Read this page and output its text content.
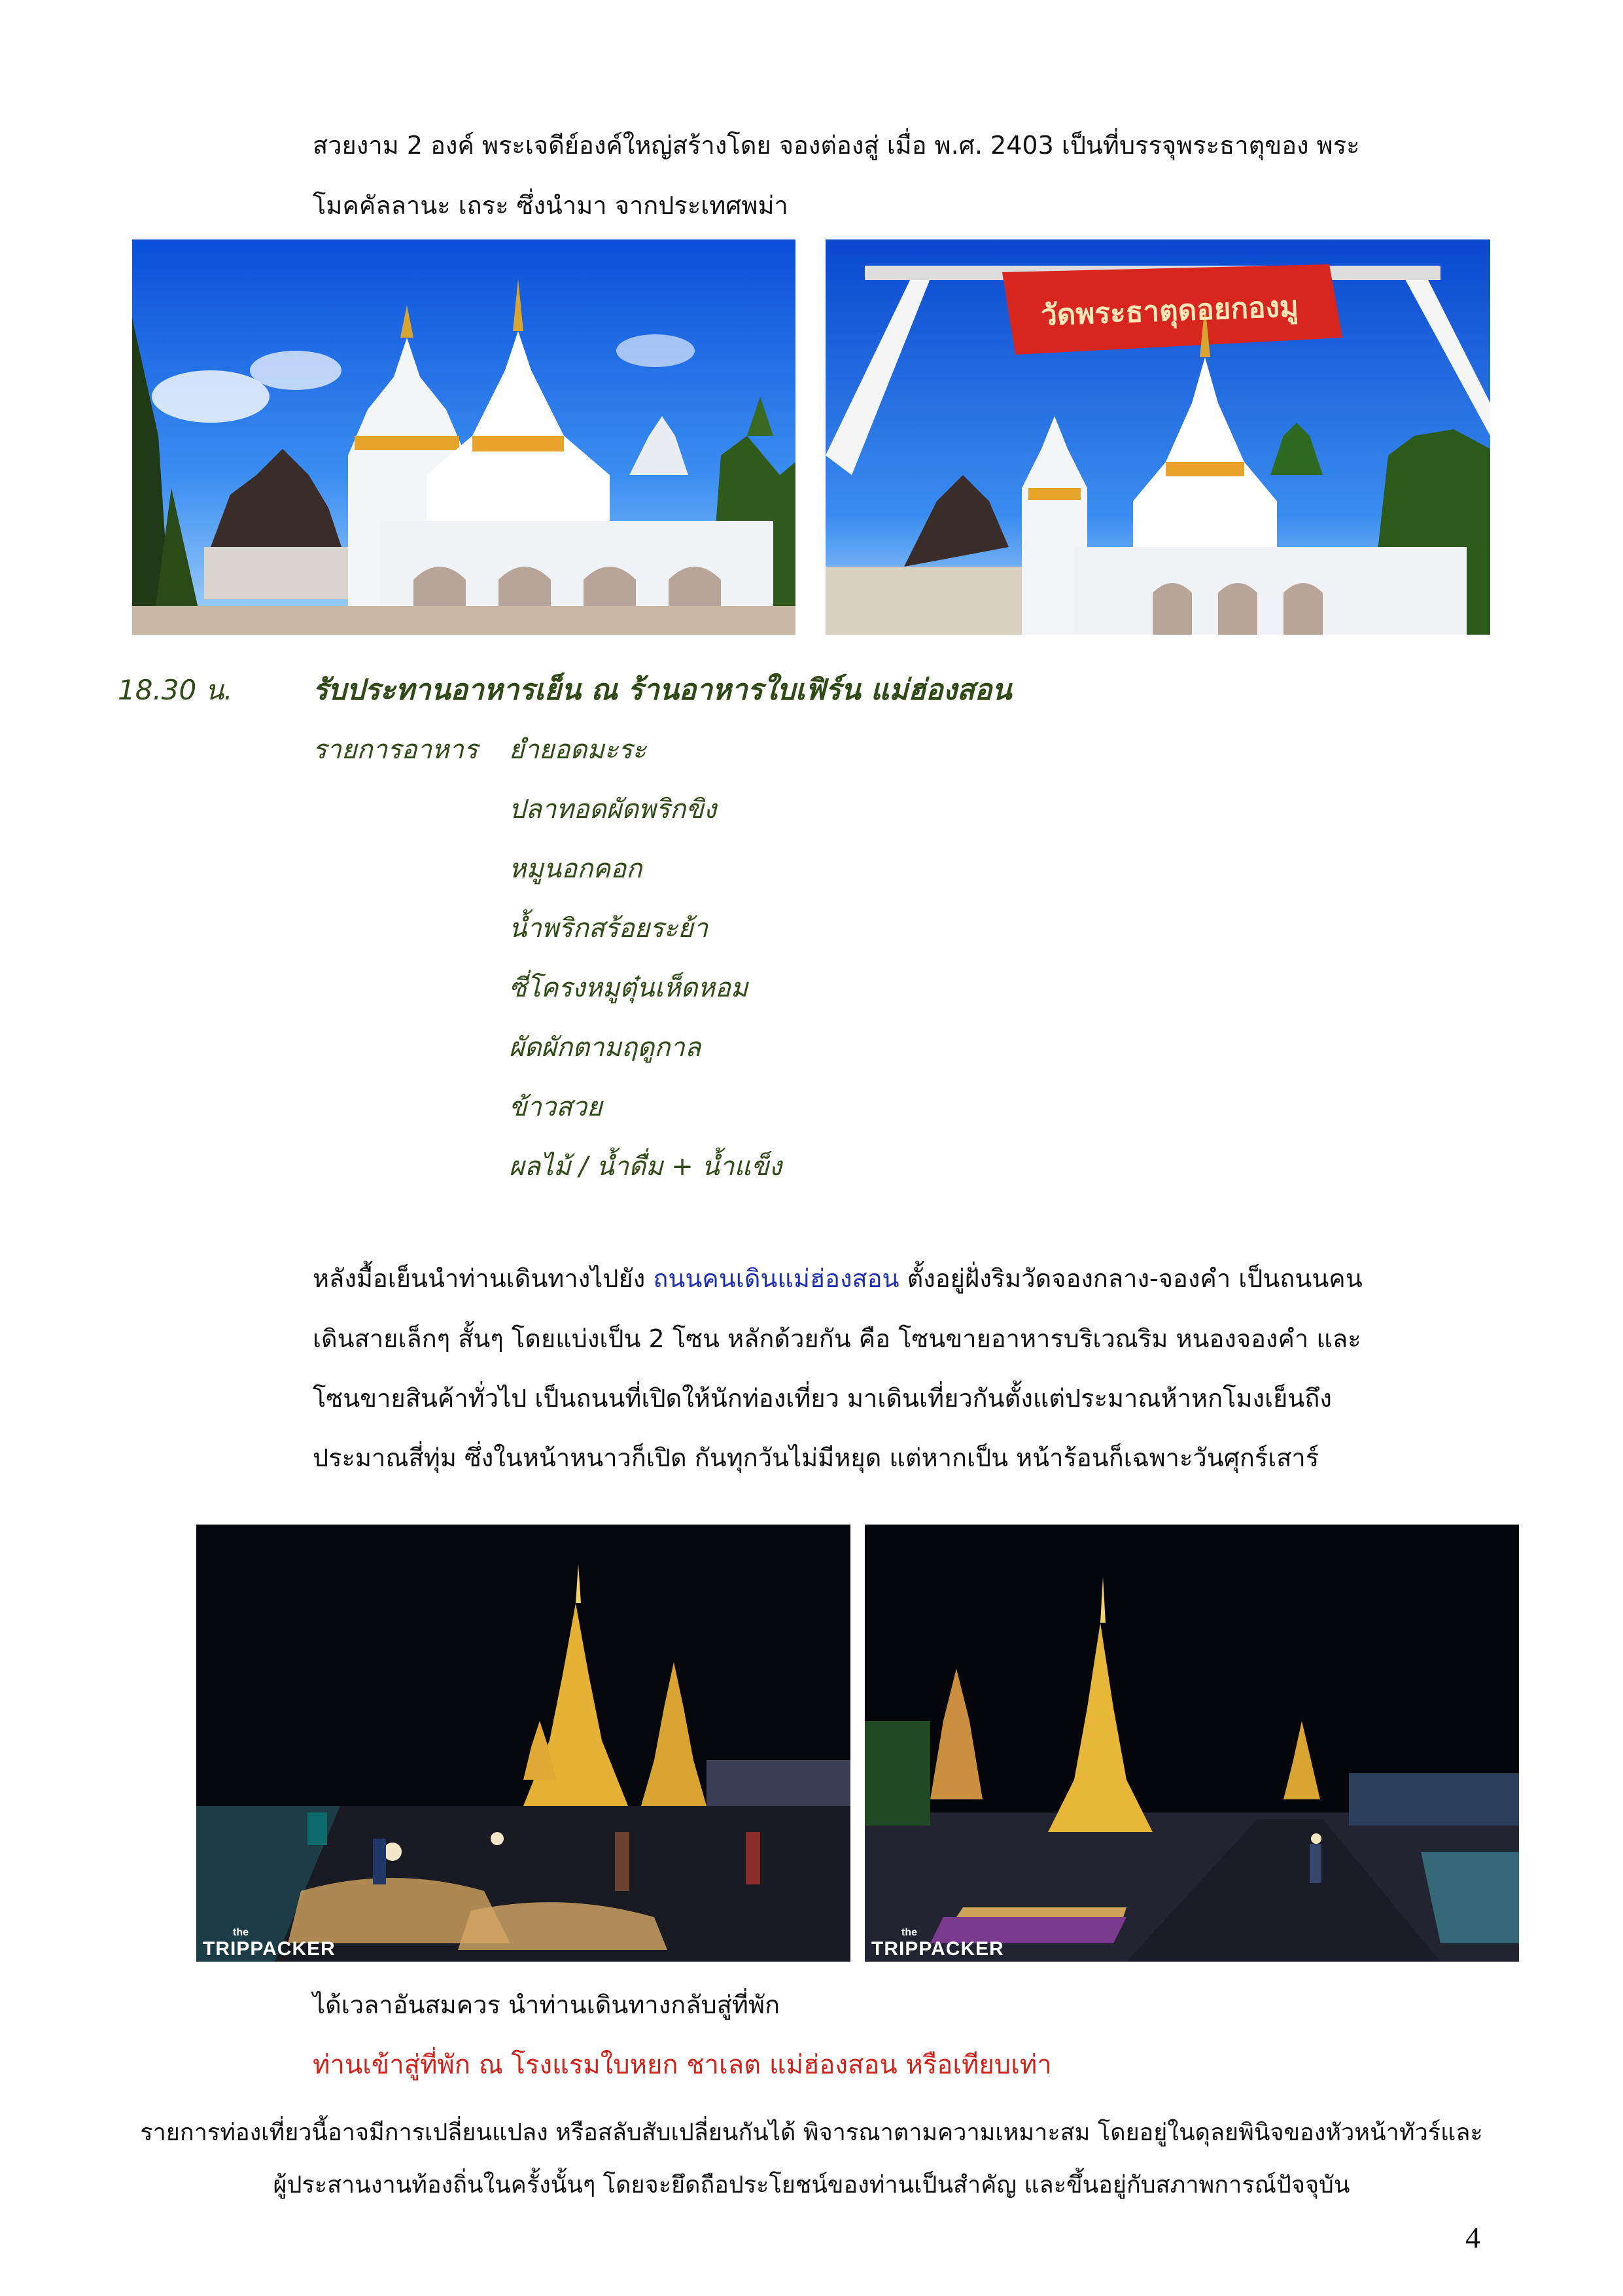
สวยงาม 2 องค์ พระเจดีย์องค์ใหญ่สร้างโดย จองต่องสู่ เมื่อ พ.ศ. 2403 เป็นที่บรรจุพระธาตุของ พระ
โมคคัลลานะ เถระ ซึ่งนำมา จากประเทศพม่า
วัดพระธาตุดอยกองมู
18.30 น.	รับประทานอาหารเย็น ณ ร้านอาหารใบเฟิร์น แม่ฮ่องสอน
รายการอาหาร ยำยอดมะระ
ปลาทอดผัดพริกขิง
หมูนอกคอก
น้ำพริกสร้อยระย้า
ซี่โครงหมูตุ๋นเห็ดหอม
ผัดผักตามฤดูกาล
ข้าวสวย
ผลไม้ / น้ำดื่ม + น้ำแข็ง
หลังมื้อเย็นนำท่านเดินทางไปยัง ถนนคนเดินแม่ฮ่องสอน ตั้งอยู่ฝั่งริมวัดจองกลาง-จองคำ เป็นถนนคน
เดินสายเล็กๆ สั้นๆ โดยแบ่งเป็น 2 โซน หลักด้วยกัน คือ โซนขายอาหารบริเวณริม หนองจองคำ และ
โซนขายสินค้าทั่วไป เป็นถนนที่เปิดให้นักท่องเที่ยว มาเดินเที่ยวกันตั้งแต่ประมาณห้าหกโมงเย็นถึง
ประมาณสี่ทุ่ม ซึ่งในหน้าหนาวก็เปิด กันทุกวันไม่มีหยุด แต่หากเป็น หน้าร้อนก็เฉพาะวันศุกร์เสาร์
the
TRIPPACKER
the
TRIPPACKER
ได้เวลาอันสมควร นำท่านเดินทางกลับสู่ที่พัก
ท่านเข้าสู่ที่พัก ณ โรงแรมใบหยก ชาเลต แม่ฮ่องสอน หรือเทียบเท่า
รายการท่องเที่ยวนี้อาจมีการเปลี่ยนแปลง หรือสลับสับเปลี่ยนกันได้ พิจารณาตามความเหมาะสม โดยอยู่ในดุลยพินิจของหัวหน้าทัวร์และ
ผู้ประสานงานท้องถิ่นในครั้งนั้นๆ โดยจะยึดถือประโยชน์ของท่านเป็นสำคัญ และขึ้นอยู่กับสภาพการณ์ปัจจุบัน
4
